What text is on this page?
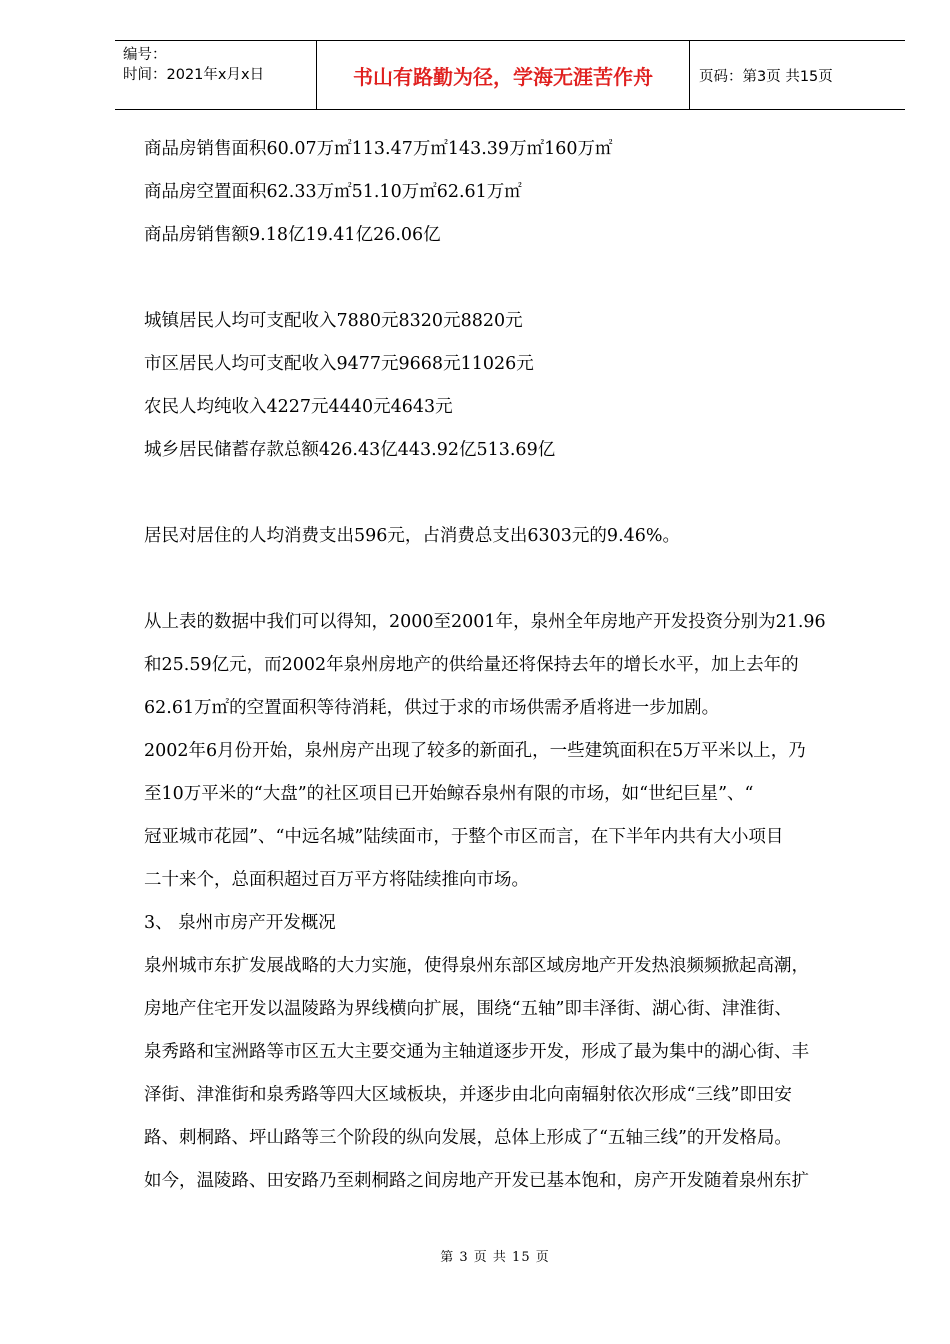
编号：
时间：2021年x月x日	书山有路勤为径，学海无涯苦作舟	页码：第3页 共15页
商品房销售面积60.07万㎡113.47万㎡143.39万㎡160万㎡
商品房空置面积62.33万㎡51.10万㎡62.61万㎡
商品房销售额9.18亿19.41亿26.06亿
城镇居民人均可支配收入7880元8320元8820元
市区居民人均可支配收入9477元9668元11026元
农民人均纯收入4227元4440元4643元
城乡居民储蓄存款总额426.43亿443.92亿513.69亿
居民对居住的人均消费支出596元，占消费总支出6303元的9.46%。
从上表的数据中我们可以得知，2000至2001年，泉州全年房地产开发投资分别为21.96
和25.59亿元，而2002年泉州房地产的供给量还将保持去年的增长水平，加上去年的
62.61万㎡的空置面积等待消耗，供过于求的市场供需矛盾将进一步加剧。
2002年6月份开始，泉州房产出现了较多的新面孔，一些建筑面积在5万平米以上，乃
至10万平米的“大盘”的社区项目已开始鲸吞泉州有限的市场，如“世纪巨星”、“
冠亚城市花园”、“中远名城”陆续面市，于整个市区而言，在下半年内共有大小项目
二十来个，总面积超过百万平方将陆续推向市场。
3、 泉州市房产开发概况
泉州城市东扩发展战略的大力实施，使得泉州东部区域房地产开发热浪频频掀起高潮，
房地产住宅开发以温陵路为界线横向扩展，围绕“五轴”即丰泽街、湖心街、津淮街、
泉秀路和宝洲路等市区五大主要交通为主轴道逐步开发，形成了最为集中的湖心街、丰
泽街、津淮街和泉秀路等四大区域板块，并逐步由北向南辐射依次形成“三线”即田安
路、刺桐路、坪山路等三个阶段的纵向发展，总体上形成了“五轴三线”的开发格局。
如今，温陵路、田安路乃至刺桐路之间房地产开发已基本饱和，房产开发随着泉州东扩
第 3 页 共 15 页
